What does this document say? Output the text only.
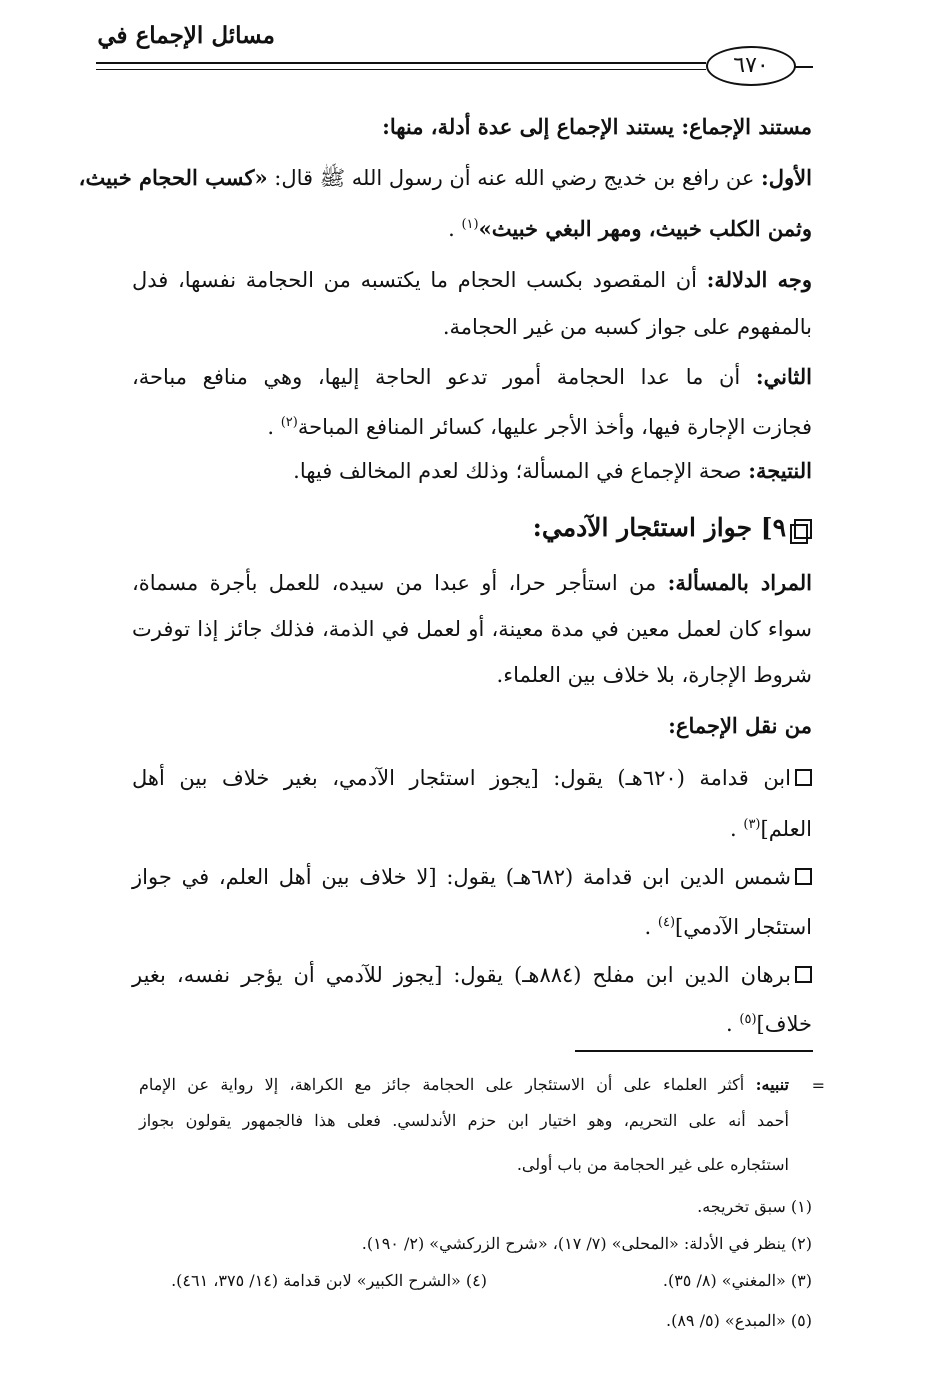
مسائل الإجماع في
٦٧٠
مستند الإجماع: يستند الإجماع إلى عدة أدلة، منها:
الأول: عن رافع بن خديج رضي الله عنه أن رسول الله ﷺ قال: «كسب الحجام خبيث،
وثمن الكلب خبيث، ومهر البغي خبيث»$^{(١)}$ .
وجه الدلالة: أن المقصود بكسب الحجام ما يكتسبه من الحجامة نفسها، فدل
بالمفهوم على جواز كسبه من غير الحجامة.
الثاني: أن ما عدا الحجامة أمور تدعو الحاجة إليها، وهي منافع مباحة،
فجازت الإجارة فيها، وأخذ الأجر عليها، كسائر المنافع المباحة$^{(٢)}$ .
النتيجة: صحة الإجماع في المسألة؛ وذلك لعدم المخالف فيها.
٩] جواز استئجار الآدمي:
المراد بالمسألة: من استأجر حرا، أو عبدا من سيده، للعمل بأجرة مسماة،
سواء كان لعمل معين في مدة معينة، أو لعمل في الذمة، فذلك جائز إذا توفرت
شروط الإجارة، بلا خلاف بين العلماء.
من نقل الإجماع:
ابن قدامة (٦٢٠هـ) يقول: [يجوز استئجار الآدمي، بغير خلاف بين أهل
العلم]$^{(٣)}$ .
شمس الدين ابن قدامة (٦٨٢هـ) يقول: [لا خلاف بين أهل العلم، في جواز
استئجار الآدمي]$^{(٤)}$ .
برهان الدين ابن مفلح (٨٨٤هـ) يقول: [يجوز للآدمي أن يؤجر نفسه، بغير
خلاف]$^{(٥)}$ .
=
تنبيه: أكثر العلماء على أن الاستئجار على الحجامة جائز مع الكراهة، إلا رواية عن الإمام
أحمد أنه على التحريم، وهو اختيار ابن حزم الأندلسي. فعلى هذا فالجمهور يقولون بجواز
استئجاره على غير الحجامة من باب أولى.
(١) سبق تخريجه.
(٢) ينظر في الأدلة: «المحلى» (٧/ ١٧)، «شرح الزركشي» (٢/ ١٩٠).
(٣) «المغني» (٨/ ٣٥).
(٤) «الشرح الكبير» لابن قدامة (١٤/ ٣٧٥، ٤٦١).
(٥) «المبدع» (٥/ ٨٩).
